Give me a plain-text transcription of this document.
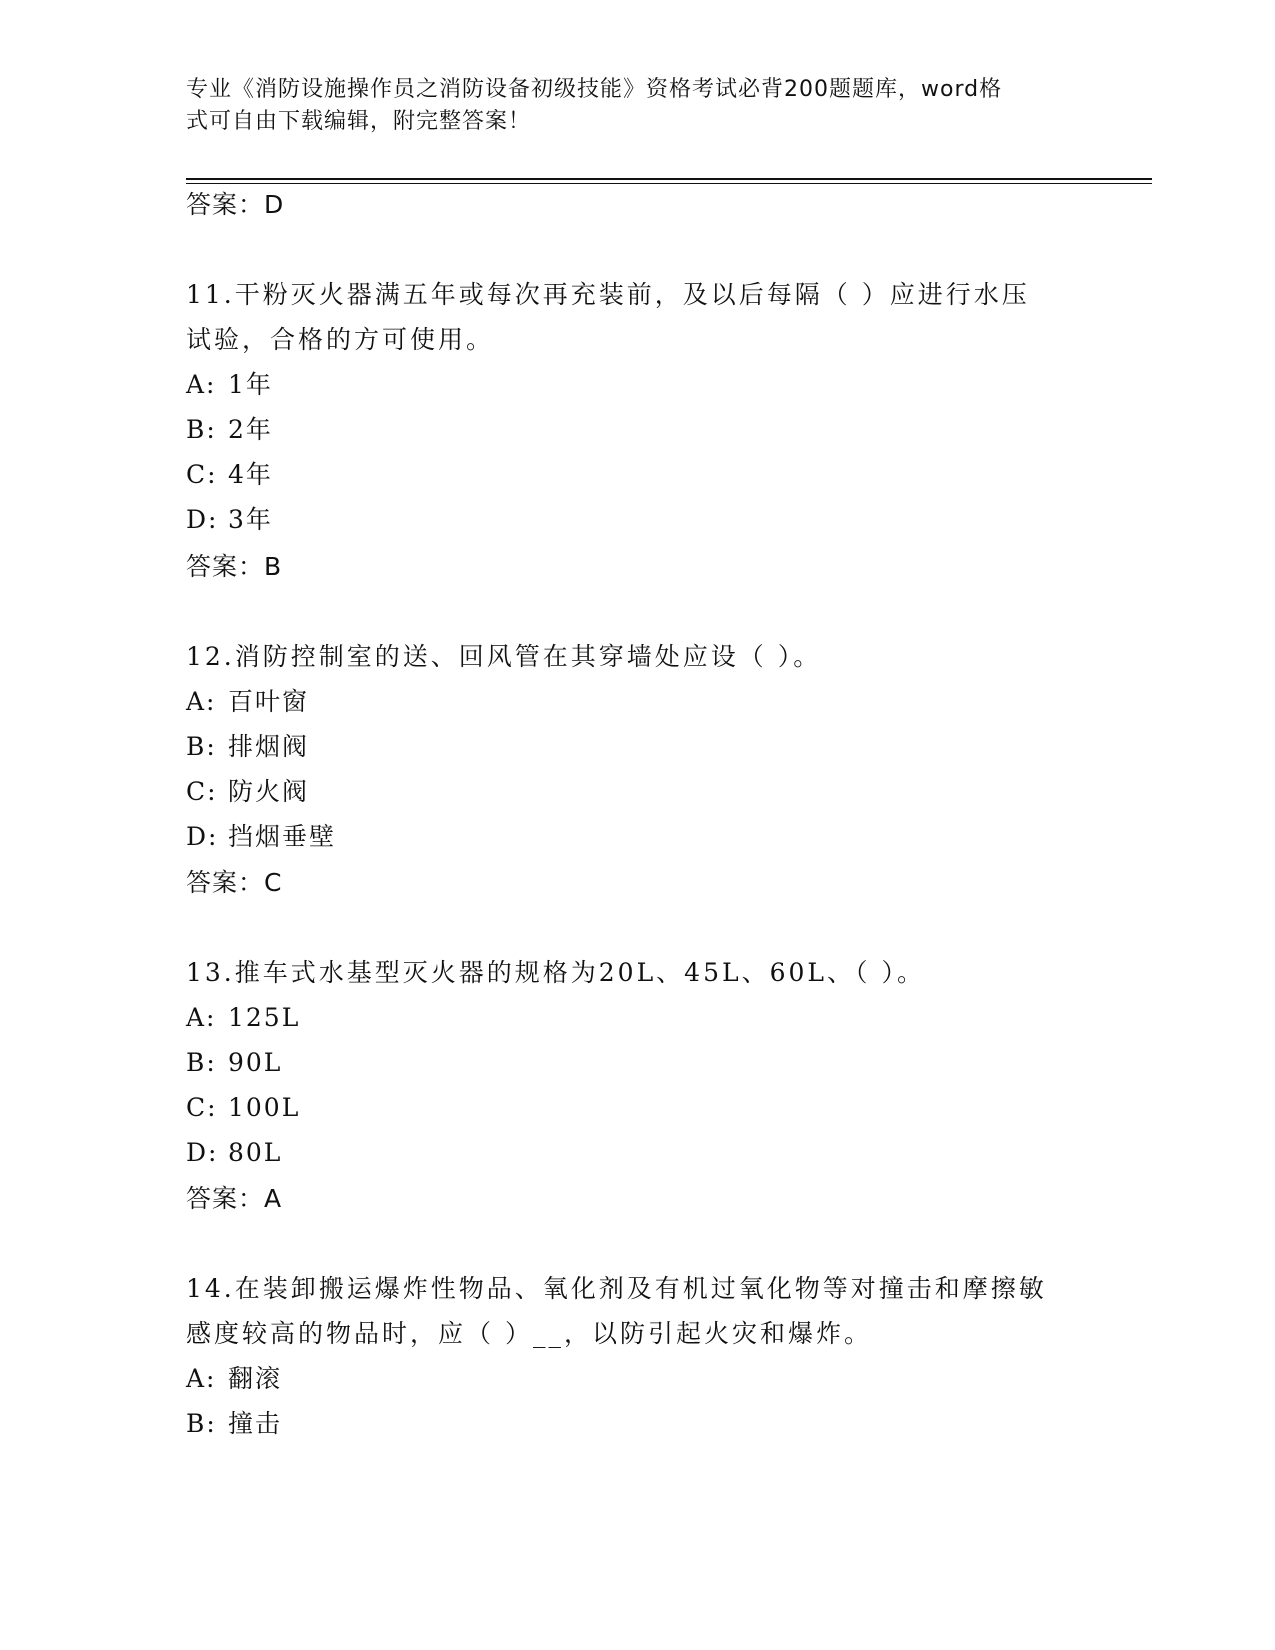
专业《消防设施操作员之消防设备初级技能》资格考试必背200题题库，word格
式可自由下载编辑，附完整答案！
答案：D
11.干粉灭火器满五年或每次再充装前，及以后每隔（ ）应进行水压
试验，合格的方可使用。
A: 1年
B: 2年
C: 4年
D: 3年
答案：B
12.消防控制室的送、回风管在其穿墙处应设（ ）。
A: 百叶窗
B: 排烟阀
C: 防火阀
D: 挡烟垂壁
答案：C
13.推车式水基型灭火器的规格为20L、45L、60L、（ ）。
A: 125L
B: 90L
C: 100L
D: 80L
答案：A
14.在装卸搬运爆炸性物品、氧化剂及有机过氧化物等对撞击和摩擦敏
感度较高的物品时，应（ ）__，以防引起火灾和爆炸。
A: 翻滚
B: 撞击
